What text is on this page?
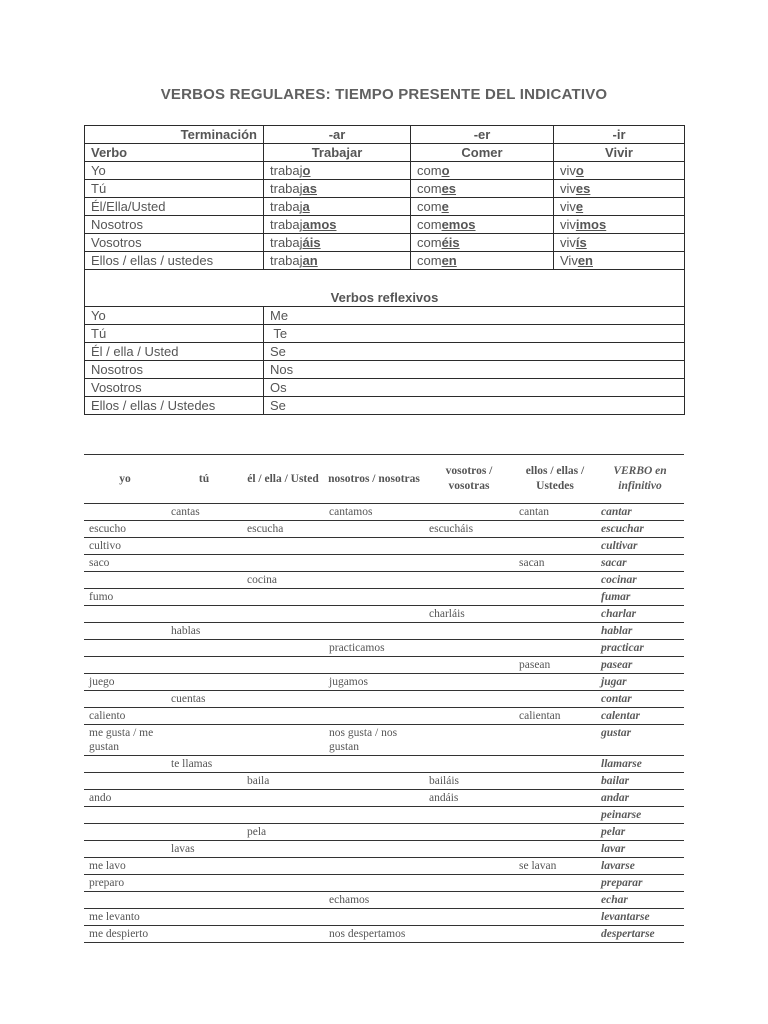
VERBOS REGULARES: TIEMPO PRESENTE DEL INDICATIVO
Terminación	-ar	-er	-ir
Verbo	Trabajar	Comer	Vivir
Yo	trabajo	como	vivo
Tú	trabajas	comes	vives
Él/Ella/Usted	trabaja	come	vive
Nosotros	trabajamos	comemos	vivimos
Vosotros	trabajáis	coméis	vivís
Ellos / ellas / ustedes	trabajan	comen	Viven
Verbos reflexivos			
Yo	Me		
Tú	Te		
Él / ella / Usted	Se		
Nosotros	Nos		
Vosotros	Os		
Ellos / ellas / Ustedes	Se		
yo	tú	él / ella / Usted	nosotros / nosotras	vosotros / vosotras	ellos / ellas / Ustedes	VERBO en infinitivo
	cantas		cantamos		cantan	cantar
escucho		escucha		escucháis		escuchar
cultivo						cultivar
saco					sacan	sacar
		cocina				cocinar
fumo						fumar
				charláis		charlar
	hablas					hablar
			practicamos			practicar
					pasean	pasear
juego			jugamos			jugar
	cuentas					contar
caliento					calientan	calentar
me gusta / me gustan			nos gusta / nos gustan			gustar
	te llamas					llamarse
		baila		bailáis		bailar
ando				andáis		andar
						peinarse
		pela				pelar
	lavas					lavar
me lavo					se lavan	lavarse
preparo						preparar
			echamos			echar
me levanto						levantarse
me despierto			nos despertamos			despertarse
